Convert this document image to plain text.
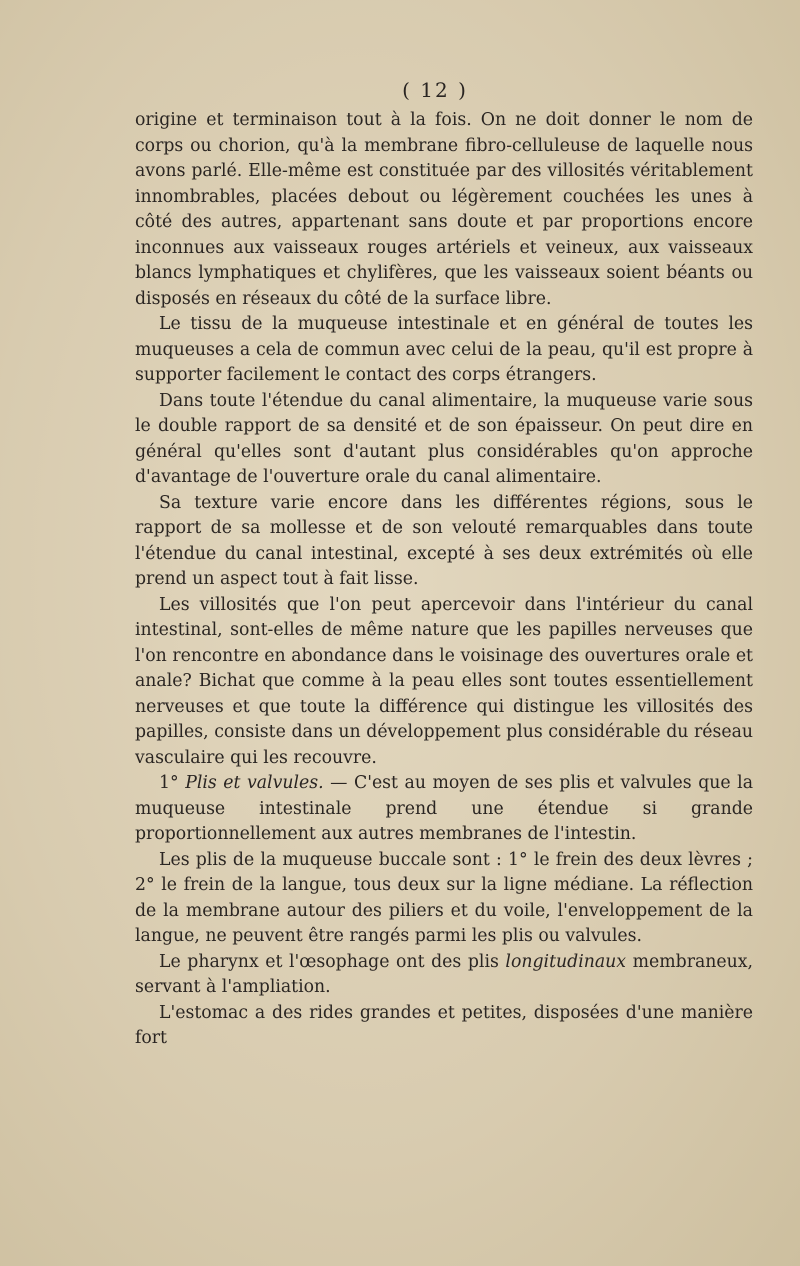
( 12 )

origine et terminaison tout à la fois. On ne doit donner le nom de corps ou chorion, qu'à la membrane fibro-celluleuse de laquelle nous avons parlé. Elle-même est constituée par des villosités véritablement innombrables, placées debout ou légèrement couchées les unes à côté des autres, appartenant sans doute et par proportions encore inconnues aux vaisseaux rouges artériels et veineux, aux vaisseaux blancs lymphatiques et chylifères, que les vaisseaux soient béants ou disposés en réseaux du côté de la surface libre.

Le tissu de la muqueuse intestinale et en général de toutes les muqueuses a cela de commun avec celui de la peau, qu'il est propre à supporter facilement le contact des corps étrangers.

Dans toute l'étendue du canal alimentaire, la muqueuse varie sous le double rapport de sa densité et de son épaisseur. On peut dire en général qu'elles sont d'autant plus considérables qu'on approche d'avantage de l'ouverture orale du canal alimentaire.

Sa texture varie encore dans les différentes régions, sous le rapport de sa mollesse et de son velouté remarquables dans toute l'étendue du canal intestinal, excepté à ses deux extrémités où elle prend un aspect tout à fait lisse.

Les villosités que l'on peut apercevoir dans l'intérieur du canal intestinal, sont-elles de même nature que les papilles nerveuses que l'on rencontre en abondance dans le voisinage des ouvertures orale et anale? Bichat que comme à la peau elles sont toutes essentiellement nerveuses et que toute la différence qui distingue les villosités des papilles, consiste dans un développement plus considérable du réseau vasculaire qui les recouvre.

1° Plis et valvules. — C'est au moyen de ses plis et valvules que la muqueuse intestinale prend une étendue si grande proportionnellement aux autres membranes de l'intestin.

Les plis de la muqueuse buccale sont : 1° le frein des deux lèvres ; 2° le frein de la langue, tous deux sur la ligne médiane. La réflection de la membrane autour des piliers et du voile, l'enveloppement de la langue, ne peuvent être rangés parmi les plis ou valvules.

Le pharynx et l'œsophage ont des plis longitudinaux membraneux, servant à l'ampliation.

L'estomac a des rides grandes et petites, disposées d'une manière fort
